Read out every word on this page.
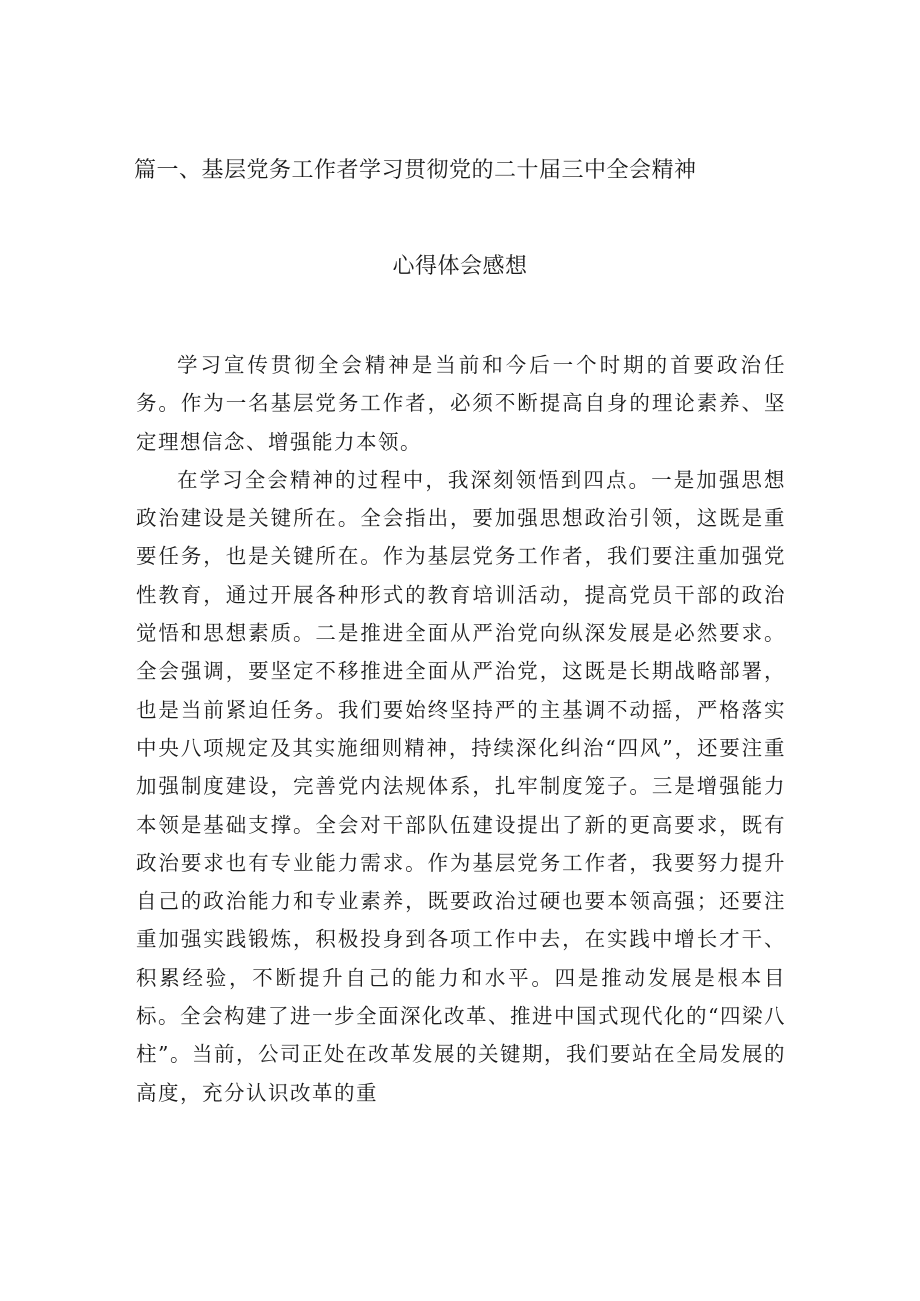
篇一、基层党务工作者学习贯彻党的二十届三中全会精神
心得体会感想

学习宣传贯彻全会精神是当前和今后一个时期的首要政治任务。作为一名基层党务工作者，必须不断提高自身的理论素养、坚定理想信念、增强能力本领。

在学习全会精神的过程中，我深刻领悟到四点。一是加强思想政治建设是关键所在。全会指出，要加强思想政治引领，这既是重要任务，也是关键所在。作为基层党务工作者，我们要注重加强党性教育，通过开展各种形式的教育培训活动，提高党员干部的政治觉悟和思想素质。二是推进全面从严治党向纵深发展是必然要求。全会强调，要坚定不移推进全面从严治党，这既是长期战略部署，也是当前紧迫任务。我们要始终坚持严的主基调不动摇，严格落实中央八项规定及其实施细则精神，持续深化纠治“四风”，还要注重加强制度建设，完善党内法规体系，扎牢制度笼子。三是增强能力本领是基础支撑。全会对干部队伍建设提出了新的更高要求，既有政治要求也有专业能力需求。作为基层党务工作者，我要努力提升自己的政治能力和专业素养，既要政治过硬也要本领高强；还要注重加强实践锻炼，积极投身到各项工作中去，在实践中增长才干、积累经验，不断提升自己的能力和水平。四是推动发展是根本目标。全会构建了进一步全面深化改革、推进中国式现代化的“四梁八柱”。当前，公司正处在改革发展的关键期，我们要站在全局发展的高度，充分认识改革的重
